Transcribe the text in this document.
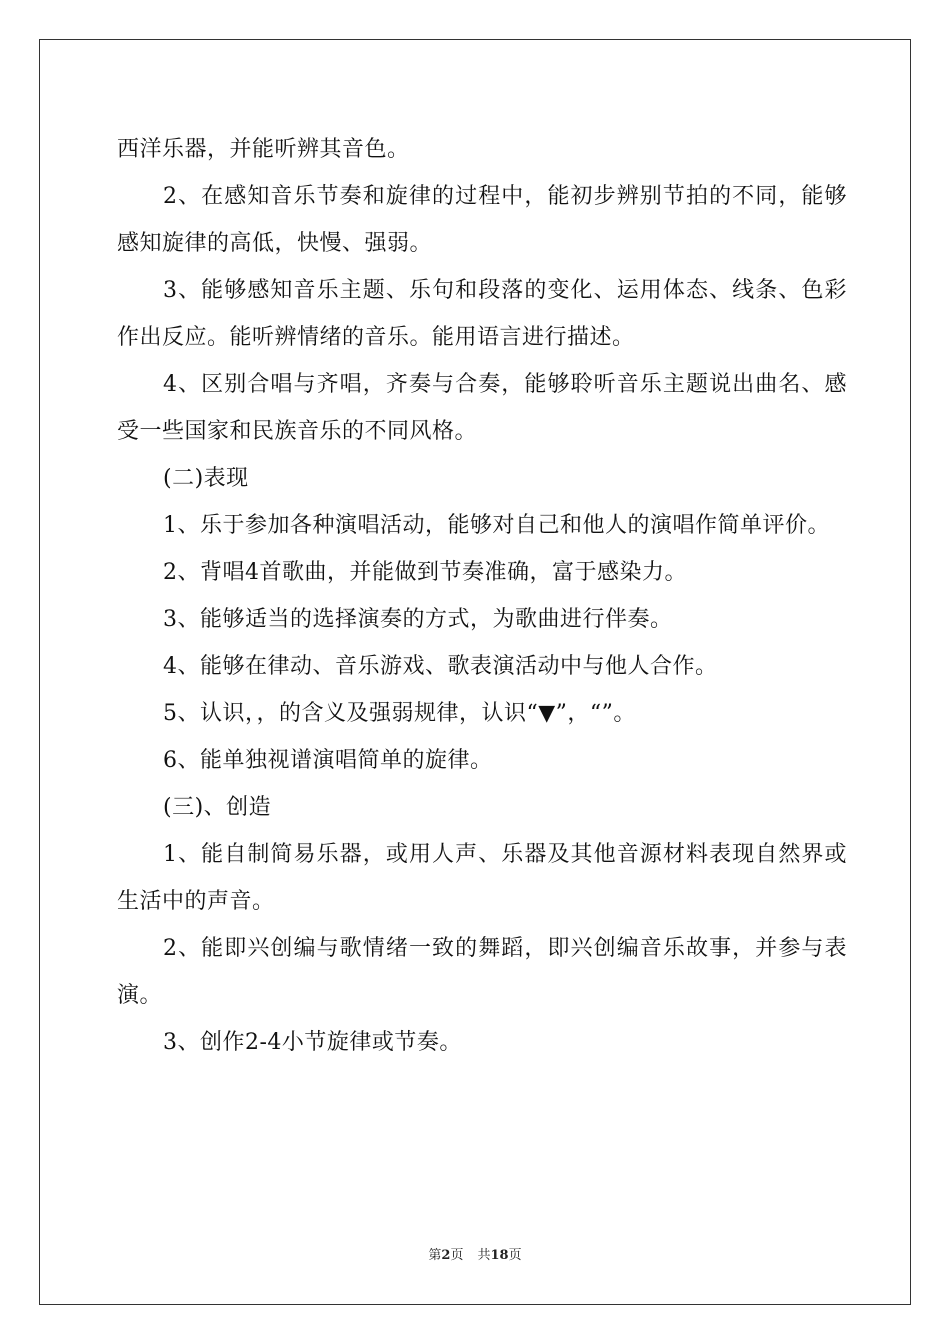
西洋乐器，并能听辨其音色。

2、在感知音乐节奏和旋律的过程中，能初步辨别节拍的不同，能够感知旋律的高低，快慢、强弱。

3、能够感知音乐主题、乐句和段落的变化、运用体态、线条、色彩作出反应。能听辨情绪的音乐。能用语言进行描述。

4、区别合唱与齐唱，齐奏与合奏，能够聆听音乐主题说出曲名、感受一些国家和民族音乐的不同风格。

(二)表现

1、乐于参加各种演唱活动，能够对自己和他人的演唱作简单评价。

2、背唱4首歌曲，并能做到节奏准确，富于感染力。

3、能够适当的选择演奏的方式，为歌曲进行伴奏。

4、能够在律动、音乐游戏、歌表演活动中与他人合作。

5、认识，，的含义及强弱规律，认识“▼”，“”。

6、能单独视谱演唱简单的旋律。

(三)、创造

1、能自制简易乐器，或用人声、乐器及其他音源材料表现自然界或生活中的声音。

2、能即兴创编与歌情绪一致的舞蹈，即兴创编音乐故事，并参与表演。

3、创作2-4小节旋律或节奏。

第2页 共18页
